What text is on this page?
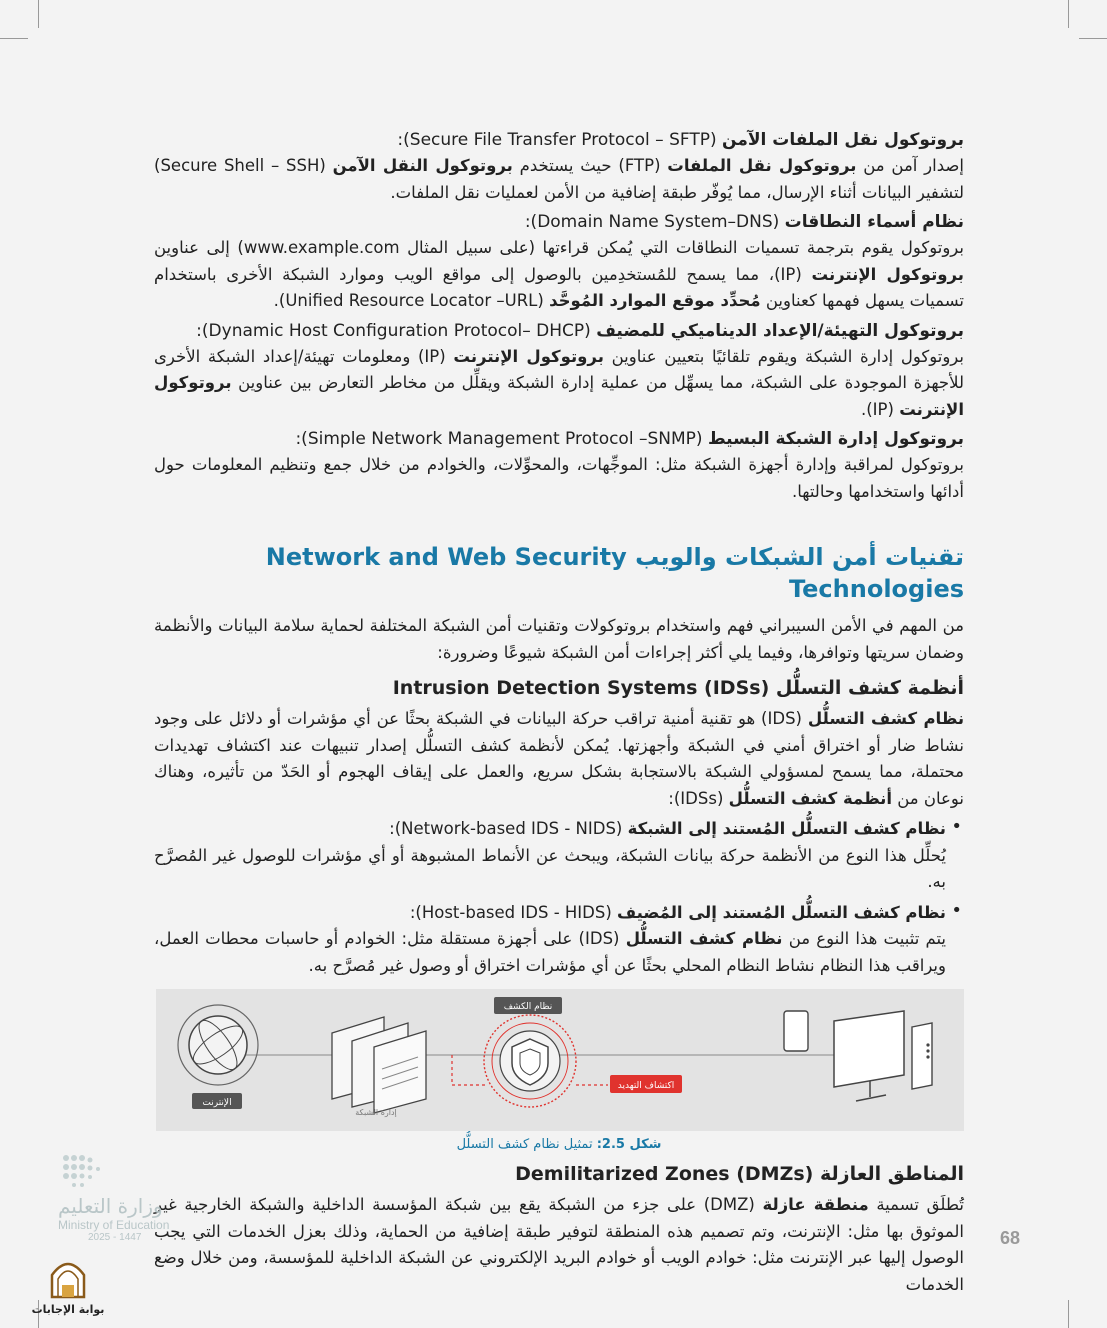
بروتوكول نقل الملفات الآمن (Secure File Transfer Protocol – SFTP):

إصدار آمن من بروتوكول نقل الملفات (FTP) حيث يستخدم بروتوكول النقل الآمن (Secure Shell – SSH) لتشفير البيانات أثناء الإرسال، مما يُوفّر طبقة إضافية من الأمن لعمليات نقل الملفات.

نظام أسماء النطاقات (Domain Name System–DNS):

بروتوكول يقوم بترجمة تسميات النطاقات التي يُمكن قراءتها (على سبيل المثال www.example.com) إلى عناوين بروتوكول الإنترنت (IP)، مما يسمح للمُستخدِمين بالوصول إلى مواقع الويب وموارد الشبكة الأخرى باستخدام تسميات يسهل فهمها كعناوين مُحدِّد موقع الموارد المُوحَّد (Unified Resource Locator –URL).

بروتوكول التهيئة/الإعداد الديناميكي للمضيف (Dynamic Host Configuration Protocol– DHCP):

بروتوكول إدارة الشبكة ويقوم تلقائيًا بتعيين عناوين بروتوكول الإنترنت (IP) ومعلومات تهيئة/إعداد الشبكة الأخرى للأجهزة الموجودة على الشبكة، مما يسهِّل من عملية إدارة الشبكة ويقلِّل من مخاطر التعارض بين عناوين بروتوكول الإنترنت (IP).

بروتوكول إدارة الشبكة البسيط (Simple Network Management Protocol –SNMP):

بروتوكول لمراقبة وإدارة أجهزة الشبكة مثل: الموجِّهات، والمحوِّلات، والخوادم من خلال جمع وتنظيم المعلومات حول أدائها واستخدامها وحالتها.

تقنيات أمن الشبكات والويب Network and Web Security Technologies

من المهم في الأمن السيبراني فهم واستخدام بروتوكولات وتقنيات أمن الشبكة المختلفة لحماية سلامة البيانات والأنظمة وضمان سريتها وتوافرها، وفيما يلي أكثر إجراءات أمن الشبكة شيوعًا وضرورة:

أنظمة كشف التسلُّل Intrusion Detection Systems (IDSs)

نظام كشف التسلُّل (IDS) هو تقنية أمنية تراقب حركة البيانات في الشبكة بحثًا عن أي مؤشرات أو دلائل على وجود نشاط ضار أو اختراق أمني في الشبكة وأجهزتها. يُمكن لأنظمة كشف التسلُّل إصدار تنبيهات عند اكتشاف تهديدات محتملة، مما يسمح لمسؤولي الشبكة بالاستجابة بشكل سريع، والعمل على إيقاف الهجوم أو الحَدّ من تأثيره، وهناك نوعان من أنظمة كشف التسلُّل (IDSs):

• نظام كشف التسلُّل المُستند إلى الشبكة (Network-based IDS - NIDS):
يُحلِّل هذا النوع من الأنظمة حركة بيانات الشبكة، ويبحث عن الأنماط المشبوهة أو أي مؤشرات للوصول غير المُصرَّح به.
• نظام كشف التسلُّل المُستند إلى المُضيف (Host-based IDS - HIDS):
يتم تثبيت هذا النوع من نظام كشف التسلُّل (IDS) على أجهزة مستقلة مثل: الخوادم أو حاسبات محطات العمل، ويراقب هذا النظام نشاط النظام المحلي بحثًا عن أي مؤشرات اختراق أو وصول غير مُصرَّح به.
الإنترنت
إدارة الشبكة
نظام الكشف
اكتشاف التهديد
شكل 2.5: تمثيل نظام كشف التسلُّل
المناطق العازلة Demilitarized Zones (DMZs)

تُطلَق تسمية منطقة عازلة (DMZ) على جزء من الشبكة يقع بين شبكة المؤسسة الداخلية والشبكة الخارجية غير الموثوق بها مثل: الإنترنت، وتم تصميم هذه المنطقة لتوفير طبقة إضافية من الحماية، وذلك بعزل الخدمات التي يجب الوصول إليها عبر الإنترنت مثل: خوادم الويب أو خوادم البريد الإلكتروني عن الشبكة الداخلية للمؤسسة، ومن خلال وضع الخدمات

68
وزارة التعليم
Ministry of Education
2025 - 1447
بوابة الإجابات
